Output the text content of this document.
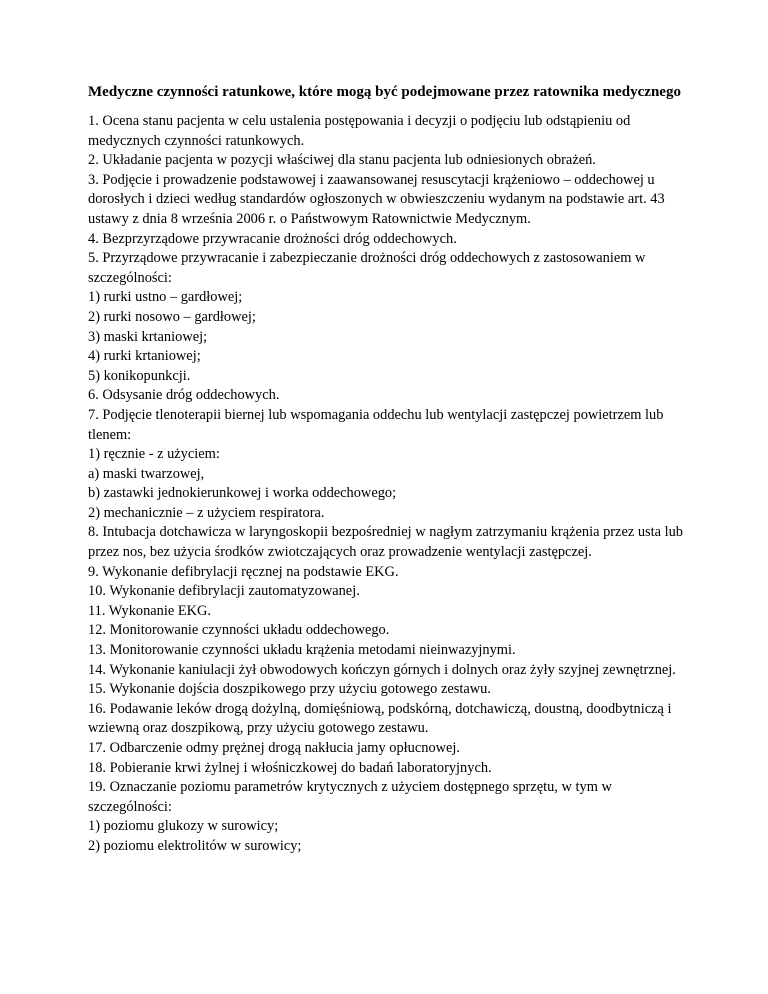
Medyczne czynności ratunkowe, które mogą być podejmowane przez ratownika medycznego
1. Ocena stanu pacjenta w celu ustalenia postępowania i decyzji o podjęciu lub odstąpieniu od medycznych czynności ratunkowych.
2. Układanie pacjenta w pozycji właściwej dla stanu pacjenta lub odniesionych obrażeń.
3. Podjęcie i prowadzenie podstawowej i zaawansowanej resuscytacji krążeniowo – oddechowej u dorosłych i dzieci według standardów ogłoszonych w obwieszczeniu wydanym na podstawie art. 43 ustawy z dnia 8 września 2006 r. o Państwowym Ratownictwie Medycznym.
4. Bezprzyrządowe przywracanie drożności dróg oddechowych.
5. Przyrządowe przywracanie i zabezpieczanie drożności dróg oddechowych z zastosowaniem w szczególności:
1) rurki ustno – gardłowej;
2) rurki nosowo – gardłowej;
3) maski krtaniowej;
4) rurki krtaniowej;
5) konikopunkcji.
6. Odsysanie dróg oddechowych.
7. Podjęcie tlenoterapii biernej lub wspomagania oddechu lub wentylacji zastępczej powietrzem lub tlenem:
1) ręcznie - z użyciem:
a) maski twarzowej,
b) zastawki jednokierunkowej i worka oddechowego;
2) mechanicznie – z użyciem respiratora.
8. Intubacja dotchawicza w laryngoskopii bezpośredniej w nagłym zatrzymaniu krążenia przez usta lub przez nos, bez użycia środków zwiotczających oraz prowadzenie wentylacji zastępczej.
9. Wykonanie defibrylacji ręcznej na podstawie EKG.
10. Wykonanie defibrylacji zautomatyzowanej.
11. Wykonanie EKG.
12. Monitorowanie czynności układu oddechowego.
13. Monitorowanie czynności układu krążenia metodami nieinwazyjnymi.
14. Wykonanie kaniulacji żył obwodowych kończyn górnych i dolnych oraz żyły szyjnej zewnętrznej.
15. Wykonanie dojścia doszpikowego przy użyciu gotowego zestawu.
16. Podawanie leków drogą dożylną, domięśniową, podskórną, dotchawiczą, doustną, doodbytniczą i wziewną oraz doszpikową, przy użyciu gotowego zestawu.
17. Odbarczenie odmy prężnej drogą nakłucia jamy opłucnowej.
18. Pobieranie krwi żylnej i włośniczkowej do badań laboratoryjnych.
19. Oznaczanie poziomu parametrów krytycznych z użyciem dostępnego sprzętu, w tym w szczególności:
1) poziomu glukozy w surowicy;
2) poziomu elektrolitów w surowicy;
